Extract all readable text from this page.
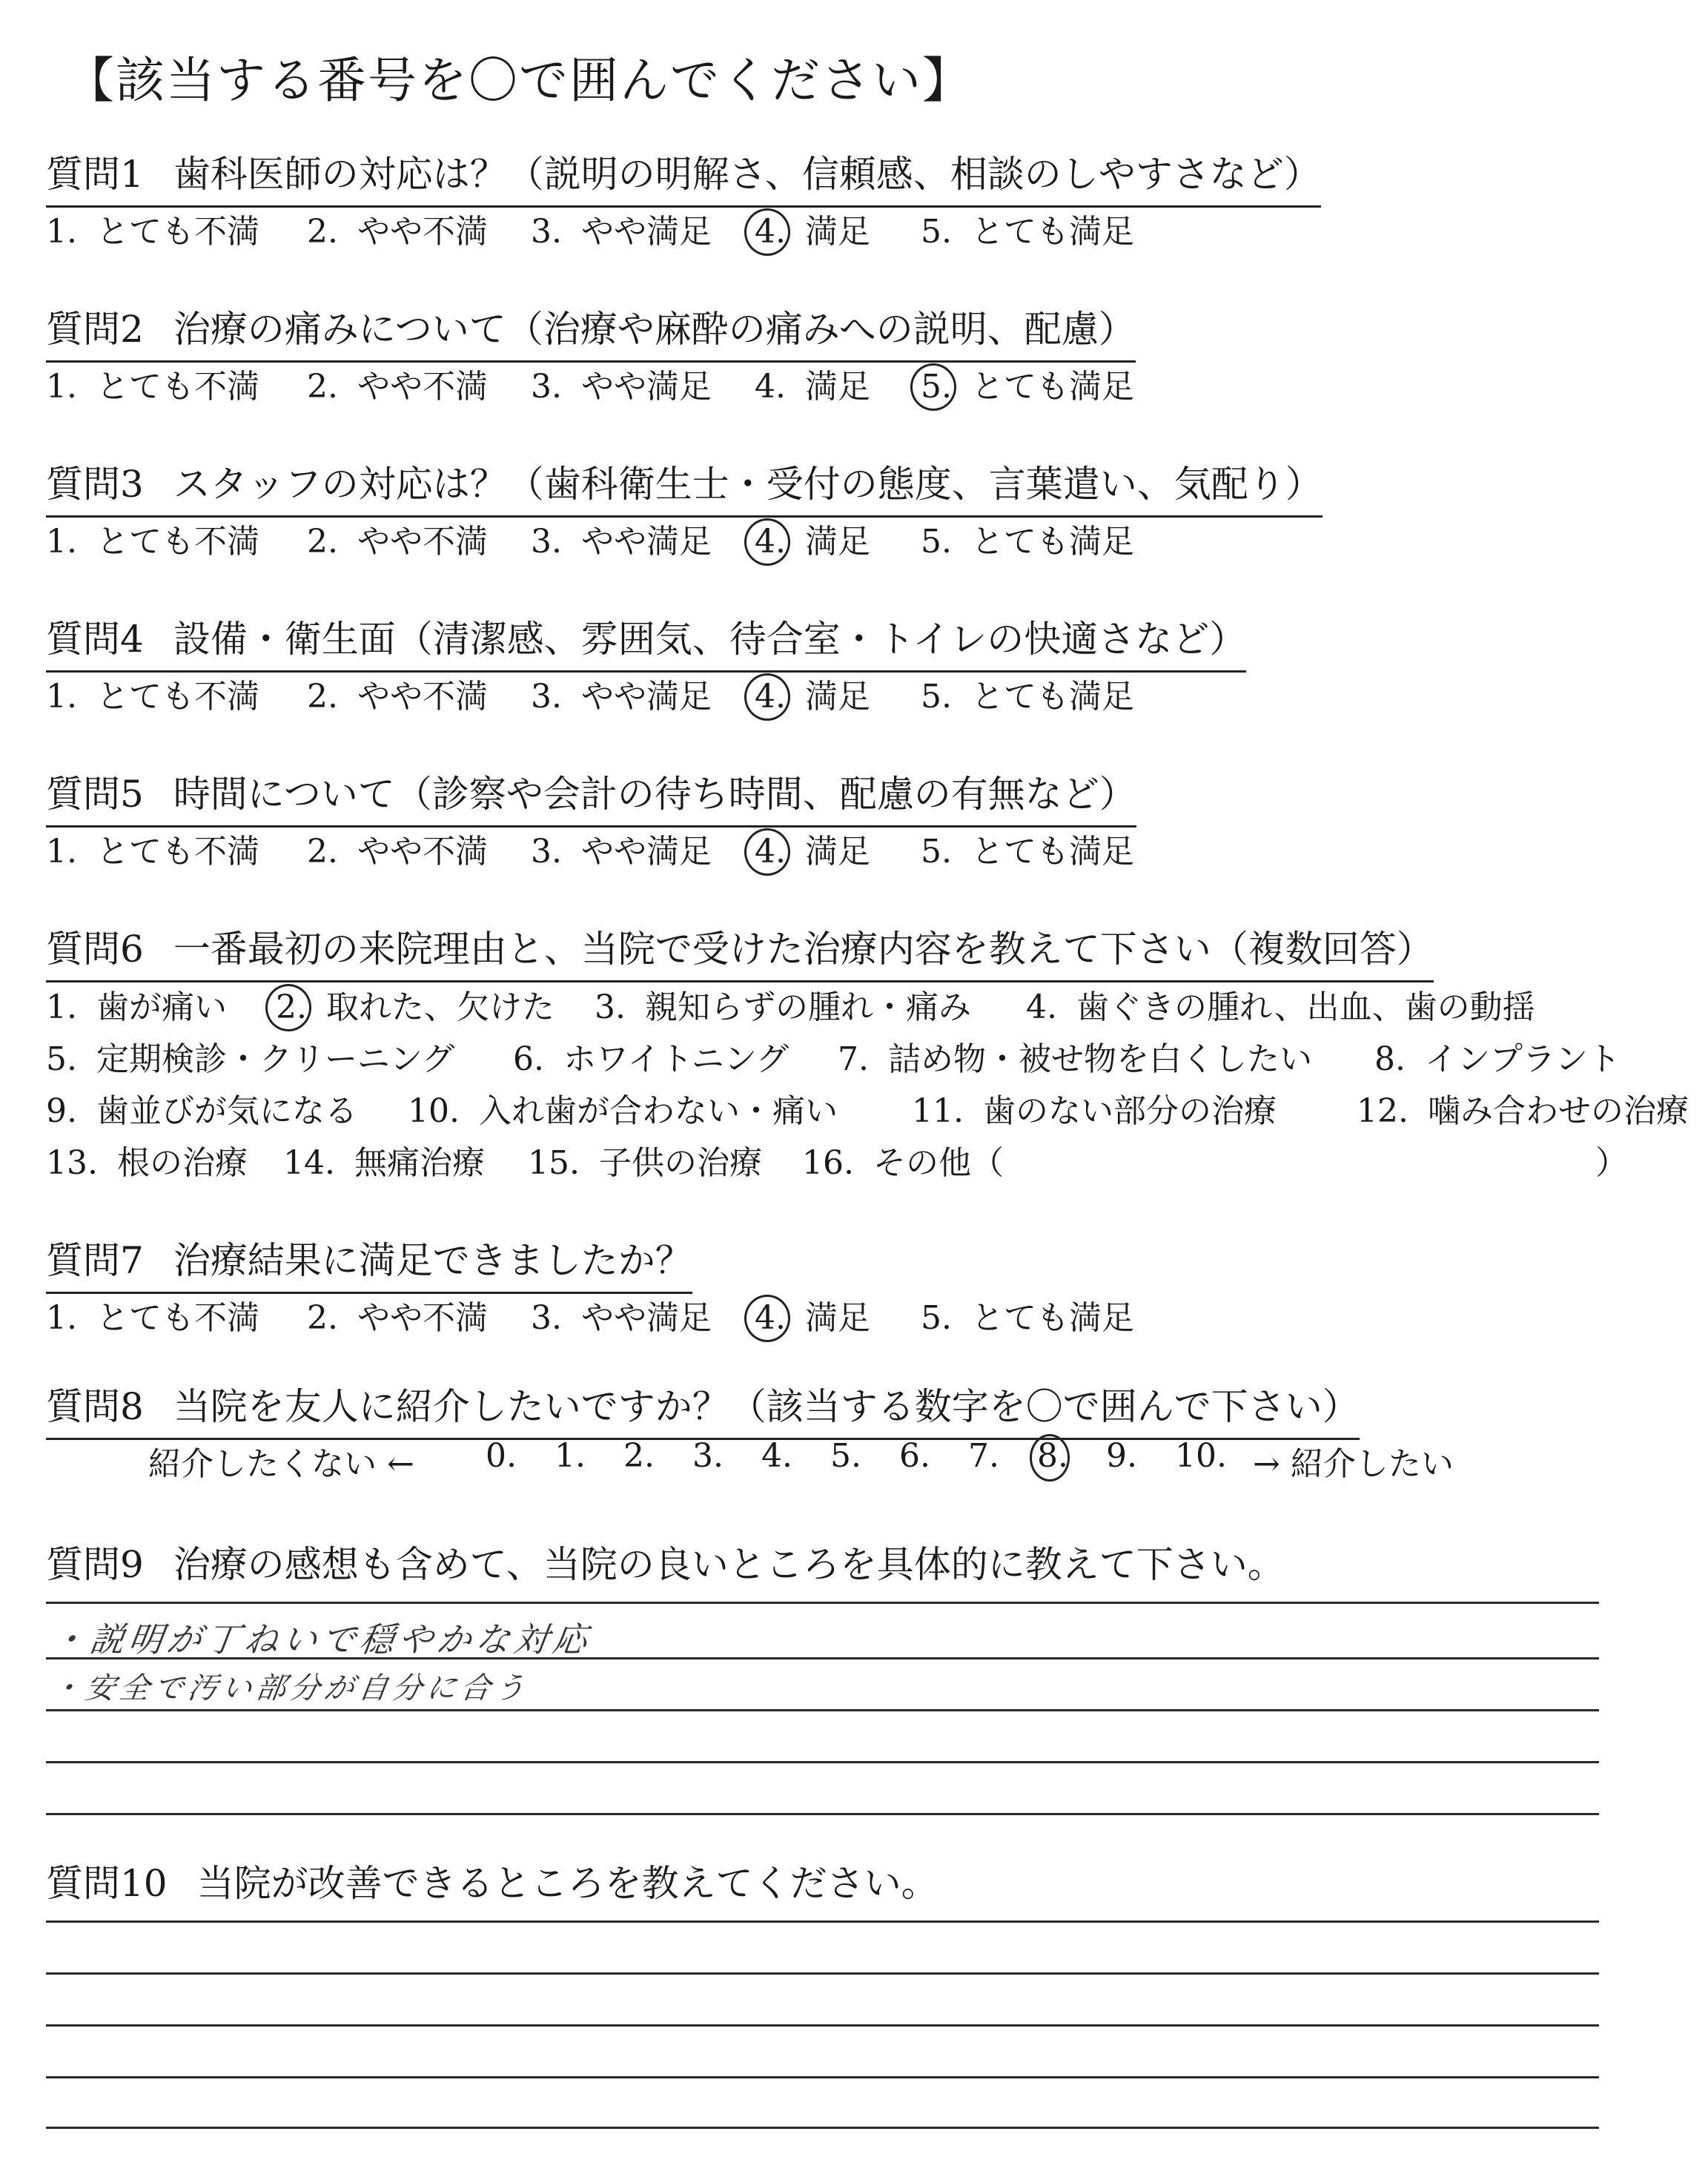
【該当する番号を〇で囲んでください】
質問1 歯科医師の対応は？（説明の明解さ、信頼感、相談のしやすさなど）
1. とても不満 2. やや不満 3. やや満足 4. 満足 5. とても満足
質問2 治療の痛みについて（治療や麻酔の痛みへの説明、配慮）
1. とても不満 2. やや不満 3. やや満足 4. 満足 5. とても満足
質問3 スタッフの対応は？（歯科衛生士・受付の態度、言葉遣い、気配り）
1. とても不満 2. やや不満 3. やや満足 4. 満足 5. とても満足
質問4 設備・衛生面（清潔感、雰囲気、待合室・トイレの快適さなど）
1. とても不満 2. やや不満 3. やや満足 4. 満足 5. とても満足
質問5 時間について（診察や会計の待ち時間、配慮の有無など）
1. とても不満 2. やや不満 3. やや満足 4. 満足 5. とても満足
質問6 一番最初の来院理由と、当院で受けた治療内容を教えて下さい（複数回答）
1. 歯が痛い 2. 取れた、欠けた 3. 親知らずの腫れ・痛み 4. 歯ぐきの腫れ、出血、歯の動揺
5. 定期検診・クリーニング 6. ホワイトニング 7. 詰め物・被せ物を白くしたい 8. インプラント
9. 歯並びが気になる 10. 入れ歯が合わない・痛い 11. 歯のない部分の治療 12. 噛み合わせの治療
13. 根の治療 14. 無痛治療 15. 子供の治療 16. その他（	）
質問7 治療結果に満足できましたか？
1. とても不満 2. やや不満 3. やや満足 4. 満足 5. とても満足
質問8 当院を友人に紹介したいですか？（該当する数字を〇で囲んで下さい）
紹介したくない ←	→ 紹介したい
0. 1. 2. 3. 4. 5. 6. 7. 8. 9. 10.
質問9 治療の感想も含めて、当院の良いところを具体的に教えて下さい。
・説明が丁ねいで穏やかな対応
・安全で汚い部分が自分に合う
質問10 当院が改善できるところを教えてください。
